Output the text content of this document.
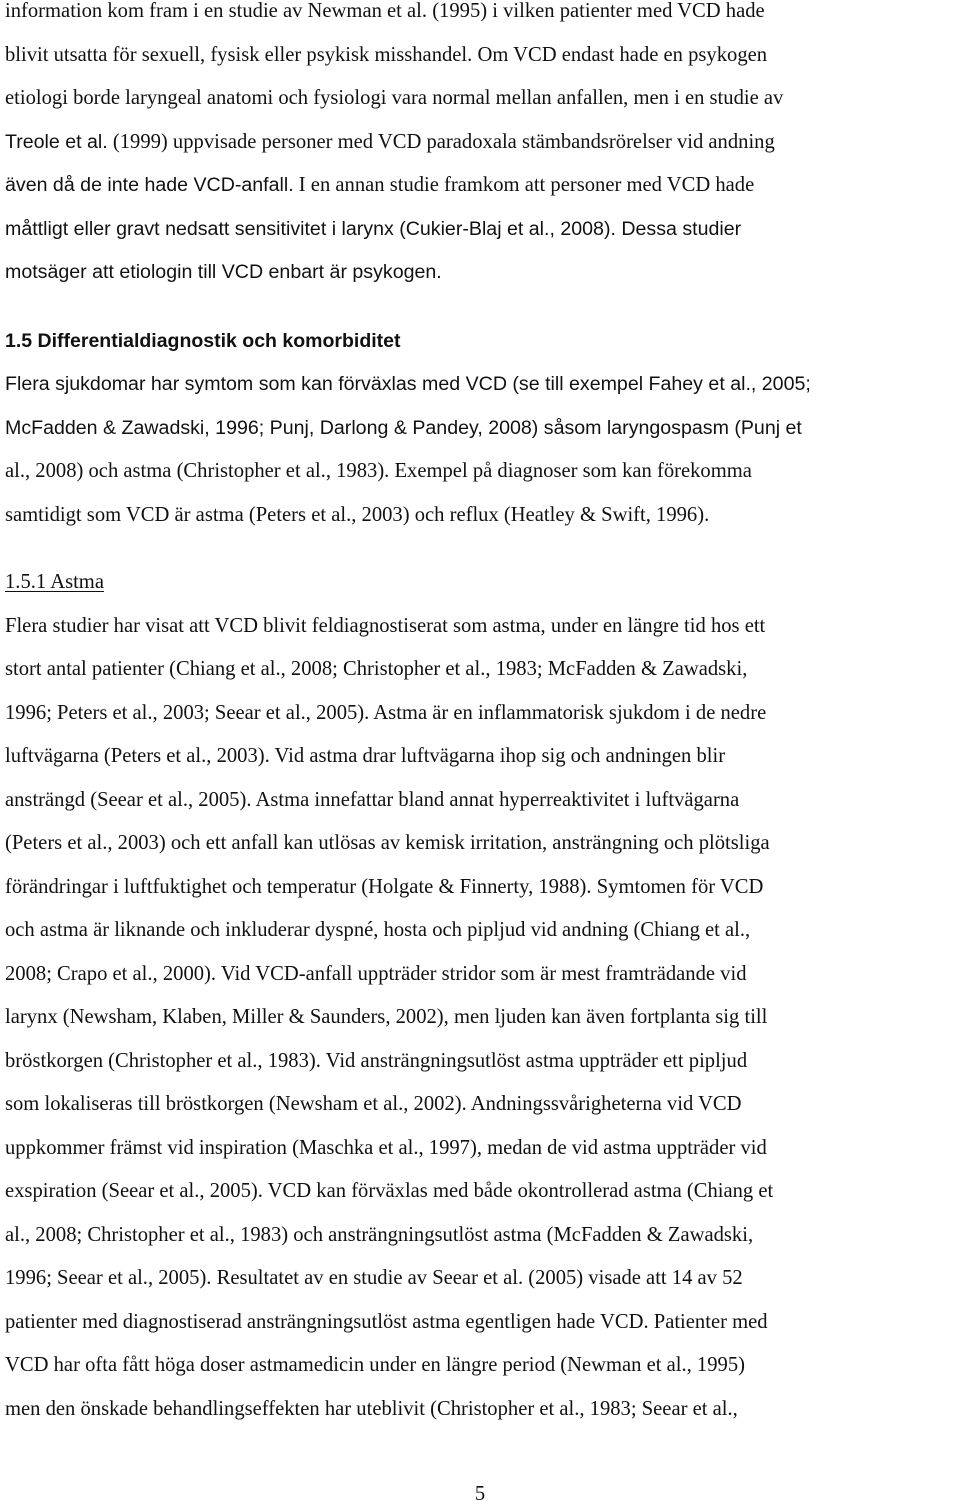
information kom fram i en studie av Newman et al. (1995) i vilken patienter med VCD hade
blivit utsatta för sexuell, fysisk eller psykisk misshandel. Om VCD endast hade en psykogen
etiologi borde laryngeal anatomi och fysiologi vara normal mellan anfallen, men i en studie av
Treole et al. (1999) uppvisade personer med VCD paradoxala stämbandsrörelser vid andning
även då de inte hade VCD-anfall. I en annan studie framkom att personer med VCD hade
måttligt eller gravt nedsatt sensitivitet i larynx (Cukier-Blaj et al., 2008). Dessa studier
motsäger att etiologin till VCD enbart är psykogen.
1.5 Differentialdiagnostik och komorbiditet
Flera sjukdomar har symtom som kan förväxlas med VCD (se till exempel Fahey et al., 2005;
McFadden & Zawadski, 1996; Punj, Darlong & Pandey, 2008) såsom laryngospasm (Punj et
al., 2008) och astma (Christopher et al., 1983). Exempel på diagnoser som kan förekomma
samtidigt som VCD är astma (Peters et al., 2003) och reflux (Heatley & Swift, 1996).
1.5.1 Astma
Flera studier har visat att VCD blivit feldiagnostiserat som astma, under en längre tid hos ett
stort antal patienter (Chiang et al., 2008; Christopher et al., 1983; McFadden & Zawadski,
1996; Peters et al., 2003; Seear et al., 2005). Astma är en inflammatorisk sjukdom i de nedre
luftvägarna (Peters et al., 2003). Vid astma drar luftvägarna ihop sig och andningen blir
ansträngd (Seear et al., 2005). Astma innefattar bland annat hyperreaktivitet i luftvägarna
(Peters et al., 2003) och ett anfall kan utlösas av kemisk irritation, ansträngning och plötsliga
förändringar i luftfuktighet och temperatur (Holgate & Finnerty, 1988). Symtomen för VCD
och astma är liknande och inkluderar dyspné, hosta och pipljud vid andning (Chiang et al.,
2008; Crapo et al., 2000). Vid VCD-anfall uppträder stridor som är mest framträdande vid
larynx (Newsham, Klaben, Miller & Saunders, 2002), men ljuden kan även fortplanta sig till
bröstkorgen (Christopher et al., 1983). Vid ansträngningsutlöst astma uppträder ett pipljud
som lokaliseras till bröstkorgen (Newsham et al., 2002). Andningssvårigheterna vid VCD
uppkommer främst vid inspiration (Maschka et al., 1997), medan de vid astma uppträder vid
exspiration (Seear et al., 2005). VCD kan förväxlas med både okontrollerad astma (Chiang et
al., 2008; Christopher et al., 1983) och ansträngningsutlöst astma (McFadden & Zawadski,
1996; Seear et al., 2005). Resultatet av en studie av Seear et al. (2005) visade att 14 av 52
patienter med diagnostiserad ansträngningsutlöst astma egentligen hade VCD. Patienter med
VCD har ofta fått höga doser astmamedicin under en längre period (Newman et al., 1995)
men den önskade behandlingseffekten har uteblivit (Christopher et al., 1983; Seear et al.,
5
